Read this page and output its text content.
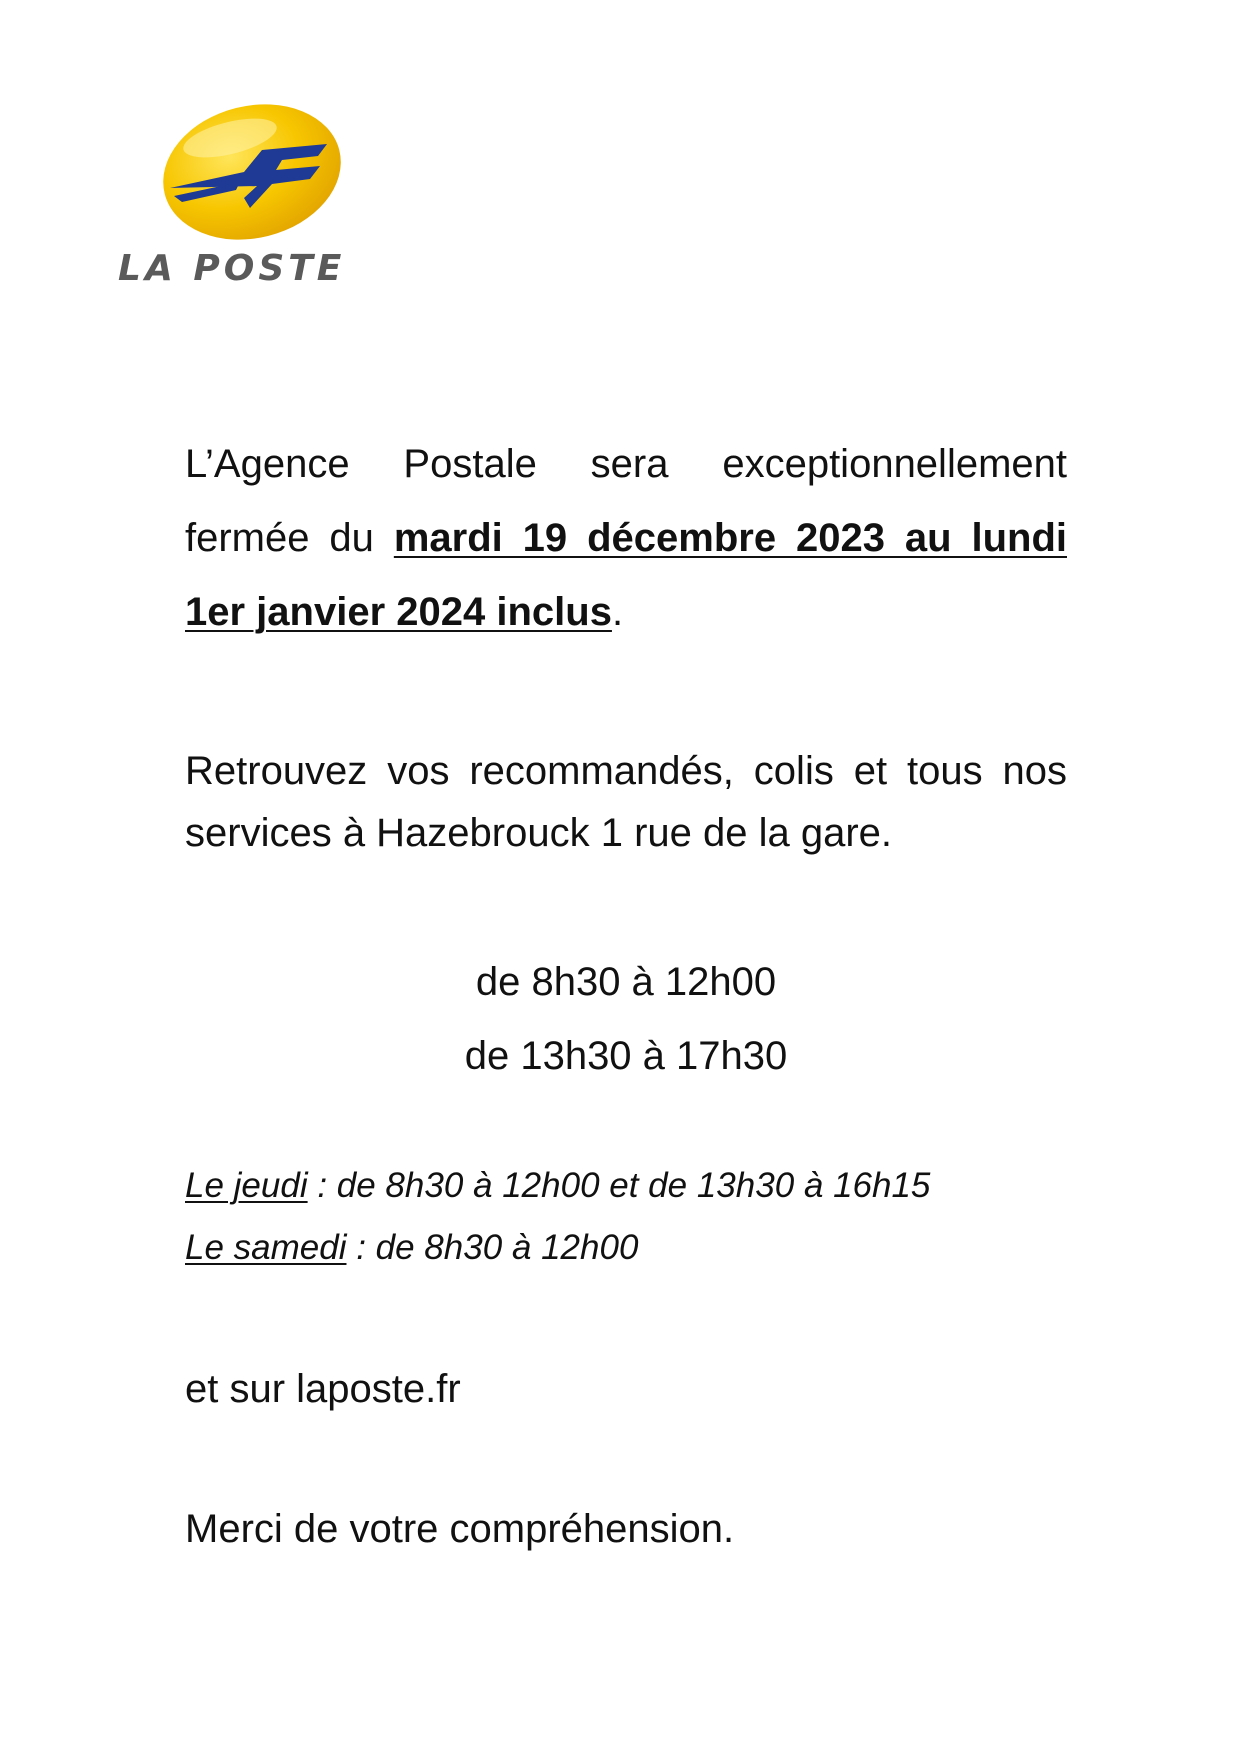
LA POSTE

L’Agence Postale sera exceptionnellement fermée du mardi 19 décembre 2023 au lundi 1er janvier 2024 inclus.

Retrouvez vos recommandés, colis et tous nos services à Hazebrouck 1 rue de la gare.

de 8h30 à 12h00
de 13h30 à 17h30
Le jeudi : de 8h30 à 12h00 et de 13h30 à 16h15
Le samedi : de 8h30 à 12h00
et sur laposte.fr
Merci de votre compréhension.
